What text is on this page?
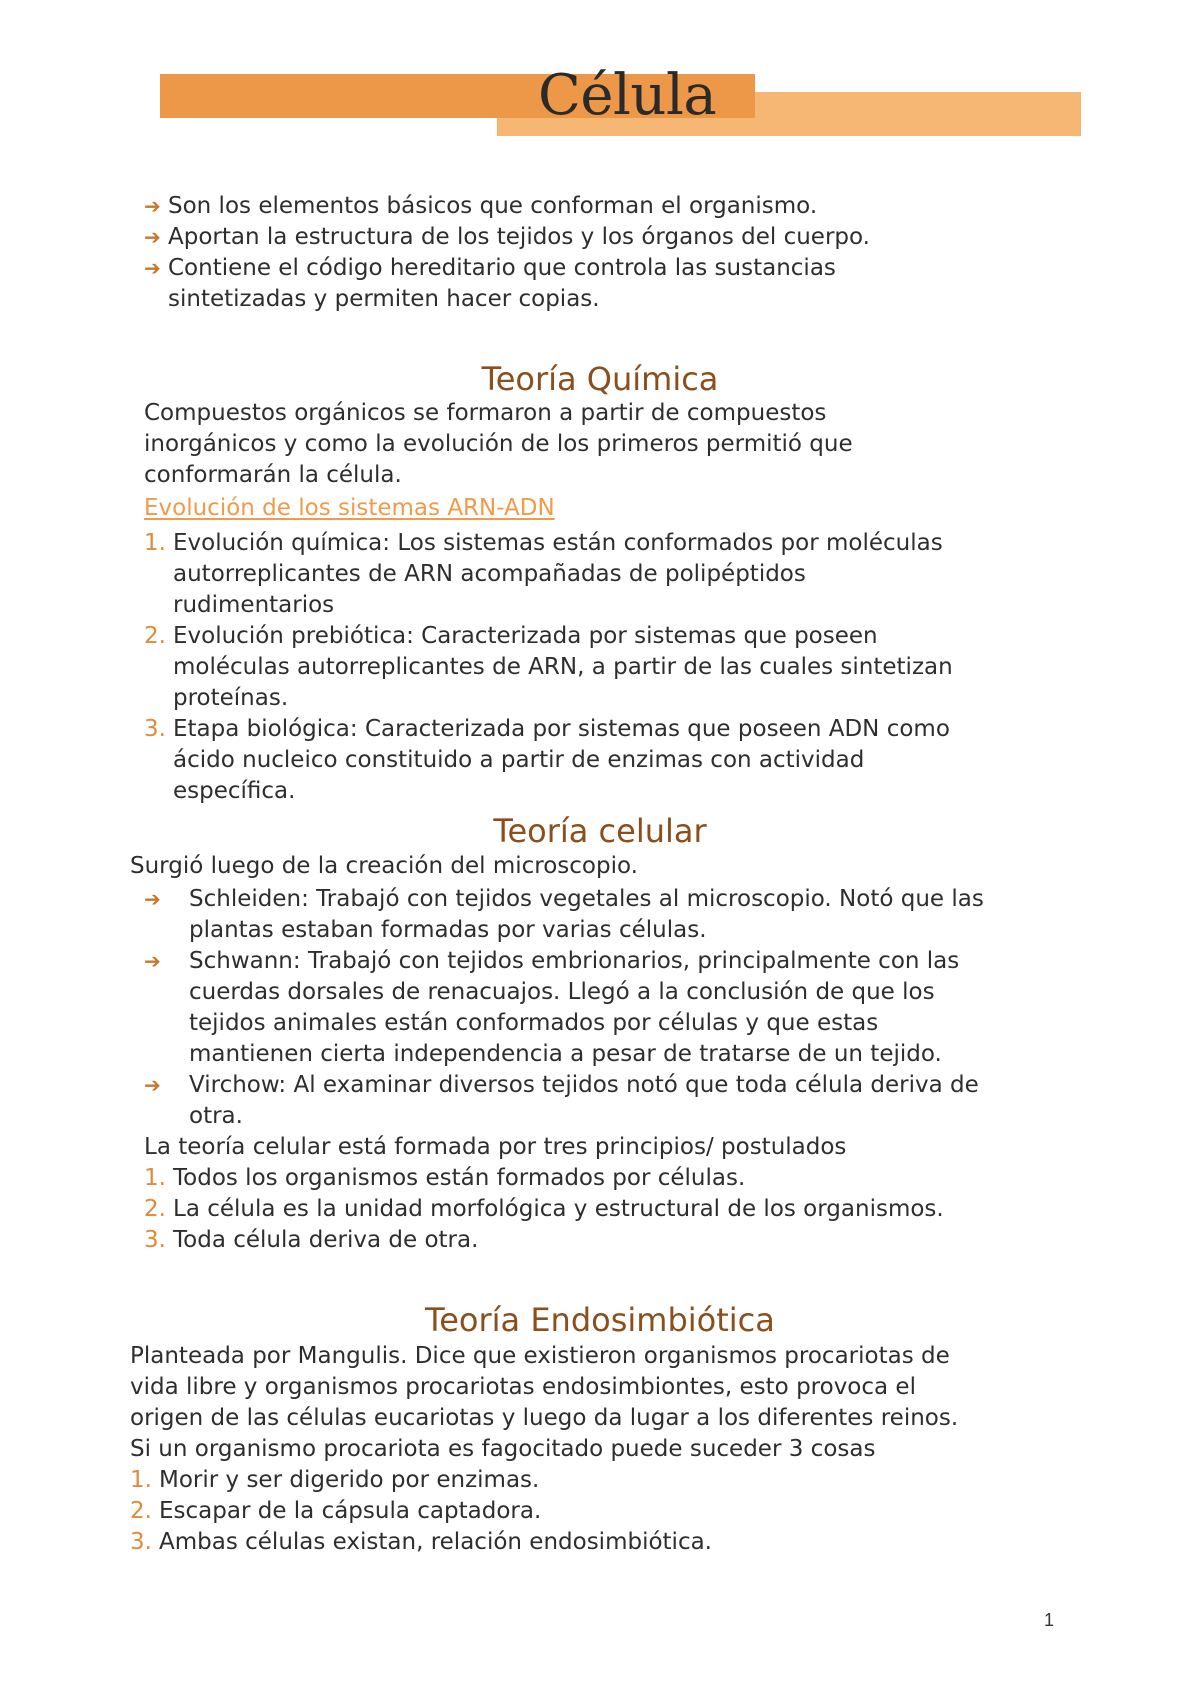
Célula
➔ Son los elementos básicos que conforman el organismo.
➔ Aportan la estructura de los tejidos y los órganos del cuerpo.
➔ Contiene el código hereditario que controla las sustancias
sintetizadas y permiten hacer copias.
Teoría Química
Compuestos orgánicos se formaron a partir de compuestos
inorgánicos y como la evolución de los primeros permitió que
conformarán la célula.
Evolución de los sistemas ARN-ADN
1. Evolución química: Los sistemas están conformados por moléculas
autorreplicantes de ARN acompañadas de polipéptidos
rudimentarios
2. Evolución prebiótica: Caracterizada por sistemas que poseen
moléculas autorreplicantes de ARN, a partir de las cuales sintetizan
proteínas.
3. Etapa biológica: Caracterizada por sistemas que poseen ADN como
ácido nucleico constituido a partir de enzimas con actividad
específica.
Teoría celular
Surgió luego de la creación del microscopio.
➔ Schleiden: Trabajó con tejidos vegetales al microscopio. Notó que las
plantas estaban formadas por varias células.
➔ Schwann: Trabajó con tejidos embrionarios, principalmente con las
cuerdas dorsales de renacuajos. Llegó a la conclusión de que los
tejidos animales están conformados por células y que estas
mantienen cierta independencia a pesar de tratarse de un tejido.
➔ Virchow: Al examinar diversos tejidos notó que toda célula deriva de
otra.
La teoría celular está formada por tres principios/ postulados
1. Todos los organismos están formados por células.
2. La célula es la unidad morfológica y estructural de los organismos.
3. Toda célula deriva de otra.
Teoría Endosimbiótica
Planteada por Mangulis. Dice que existieron organismos procariotas de
vida libre y organismos procariotas endosimbiontes, esto provoca el
origen de las células eucariotas y luego da lugar a los diferentes reinos.
Si un organismo procariota es fagocitado puede suceder 3 cosas
1. Morir y ser digerido por enzimas.
2. Escapar de la cápsula captadora.
3. Ambas células existan, relación endosimbiótica.
1
